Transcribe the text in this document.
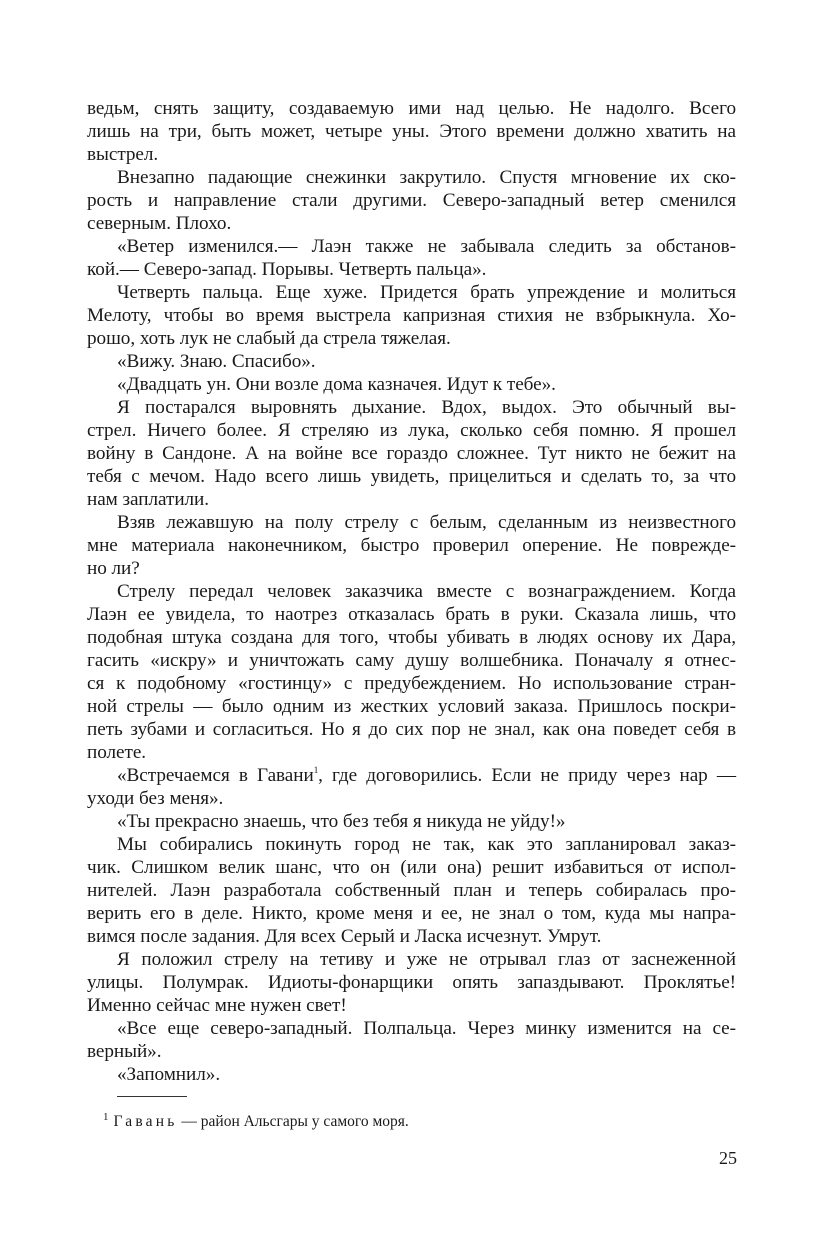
ведьм, снять защиту, создаваемую ими над целью. Не надолго. Всего
лишь на три, быть может, четыре уны. Этого времени должно хватить на
выстрел.
Внезапно падающие снежинки закрутило. Спустя мгновение их ско-
рость и направление стали другими. Северо-западный ветер сменился
северным. Плохо.
«Ветер изменился.— Лаэн также не забывала следить за обстанов-
кой.— Северо-запад. Порывы. Четверть пальца».
Четверть пальца. Еще хуже. Придется брать упреждение и молиться
Мелоту, чтобы во время выстрела капризная стихия не взбрыкнула. Хо-
рошо, хоть лук не слабый да стрела тяжелая.
«Вижу. Знаю. Спасибо».
«Двадцать ун. Они возле дома казначея. Идут к тебе».
Я постарался выровнять дыхание. Вдох, выдох. Это обычный вы-
стрел. Ничего более. Я стреляю из лука, сколько себя помню. Я прошел
войну в Сандоне. А на войне все гораздо сложнее. Тут никто не бежит на
тебя с мечом. Надо всего лишь увидеть, прицелиться и сделать то, за что
нам заплатили.
Взяв лежавшую на полу стрелу с белым, сделанным из неизвестного
мне материала наконечником, быстро проверил оперение. Не поврежде-
но ли?
Стрелу передал человек заказчика вместе с вознаграждением. Когда
Лаэн ее увидела, то наотрез отказалась брать в руки. Сказала лишь, что
подобная штука создана для того, чтобы убивать в людях основу их Дара,
гасить «искру» и уничтожать саму душу волшебника. Поначалу я отнес-
ся к подобному «гостинцу» с предубеждением. Но использование стран-
ной стрелы — было одним из жестких условий заказа. Пришлось поскри-
петь зубами и согласиться. Но я до сих пор не знал, как она поведет себя в
полете.
«Встречаемся в Гавани$^1$, где договорились. Если не приду через нар —
уходи без меня».
«Ты прекрасно знаешь, что без тебя я никуда не уйду!»
Мы собирались покинуть город не так, как это запланировал заказ-
чик. Слишком велик шанс, что он (или она) решит избавиться от испол-
нителей. Лаэн разработала собственный план и теперь собиралась про-
верить его в деле. Никто, кроме меня и ее, не знал о том, куда мы напра-
вимся после задания. Для всех Серый и Ласка исчезнут. Умрут.
Я положил стрелу на тетиву и уже не отрывал глаз от заснеженной
улицы. Полумрак. Идиоты-фонарщики опять запаздывают. Проклятье!
Именно сейчас мне нужен свет!
«Все еще северо-западный. Полпальца. Через минку изменится на се-
верный».
«Запомнил».
$^1$ Гавань — район Альсгары у самого моря.
25
